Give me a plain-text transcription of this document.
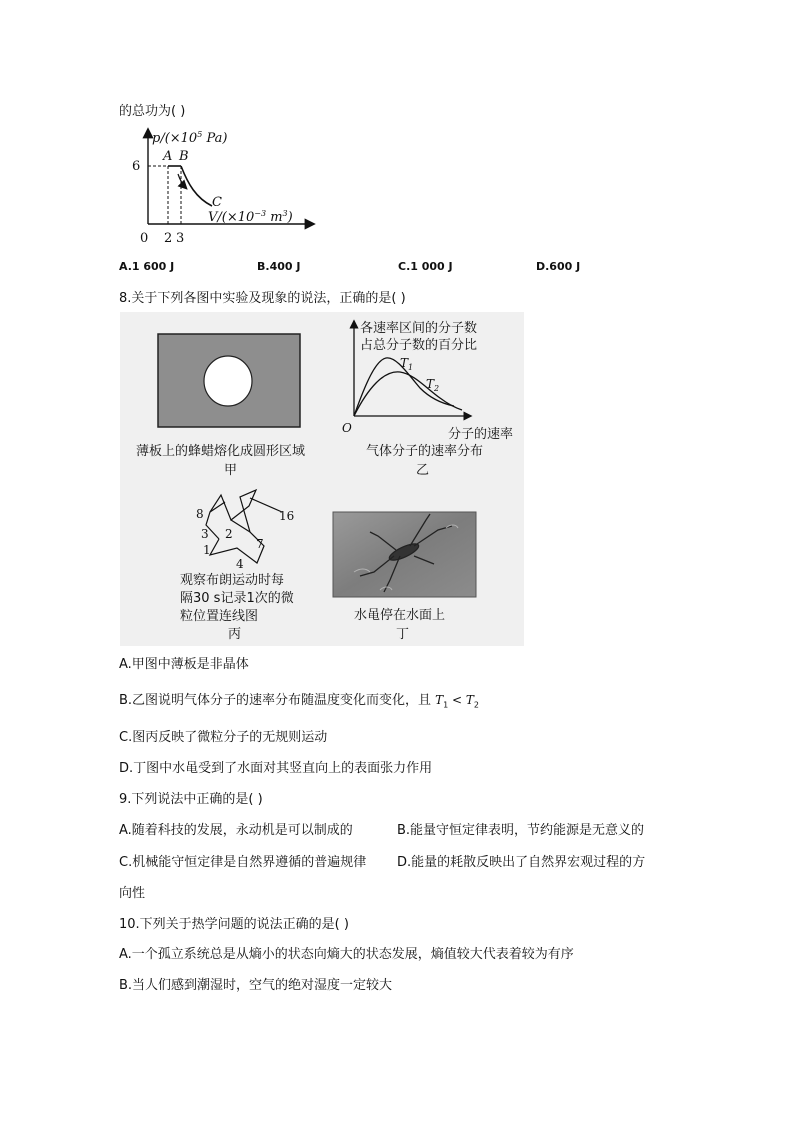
的总功为( )
$p/(\times 10^5$ Pa)
6
A B
C
$V/(\times 10^{-3}$ $m^3$)
0 2 3
A.1 600 J	B.400 J	C.1 000 J	D.600 J
8.关于下列各图中实验及现象的说法，正确的是( )
薄板上的蜂蜡熔化成圆形区域
甲
各速率区间的分子数
占总分子数的百分比
$T_1$
$T_2$
O	分子的速率
气体分子的速率分布
乙
1
2
3
4
7
8	16
观察布朗运动时每
隔30 s记录1次的微
粒位置连线图
丙
水黾停在水面上
丁
A.甲图中薄板是非晶体
B.乙图说明气体分子的速率分布随温度变化而变化，且 $T_1 < T_2$
C.图丙反映了微粒分子的无规则运动
D.丁图中水黾受到了水面对其竖直向上的表面张力作用
9.下列说法中正确的是( )
A.随着科技的发展，永动机是可以制成的	B.能量守恒定律表明，节约能源是无意义的
C.机械能守恒定律是自然界遵循的普遍规律 D.能量的耗散反映出了自然界宏观过程的方
向性
10.下列关于热学问题的说法正确的是( )
A.一个孤立系统总是从熵小的状态向熵大的状态发展，熵值较大代表着较为有序
B.当人们感到潮湿时，空气的绝对湿度一定较大
